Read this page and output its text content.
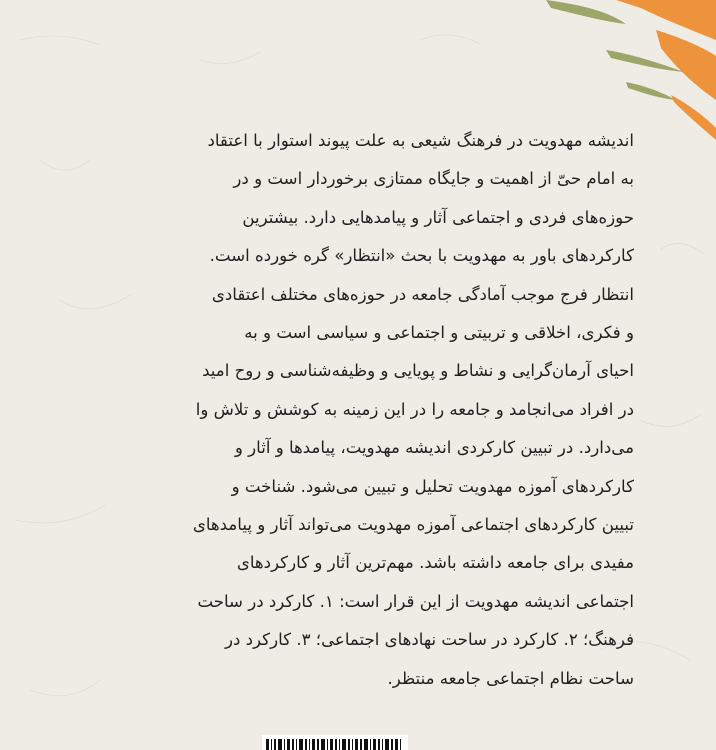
اندیشه مهدویت در فرهنگ شیعی به علت پیوند استوار با اعتقاد
به امام حیّ از اهمیت و جایگاه ممتازی برخوردار است و در
حوزه‌های فردی و اجتماعی آثار و پیامدهایی دارد. بیشترین
کارکردهای باور به مهدویت با بحث «انتظار» گره خورده است.
انتظار فرج موجب آمادگی جامعه در حوزه‌های مختلف اعتقادی
و فکری، اخلاقی و تربیتی و اجتماعی و سیاسی است و به
احیای آرمان‌گرایی و نشاط و پویایی و وظیفه‌شناسی و روح امید
در افراد می‌انجامد و جامعه را در این زمینه به کوشش و تلاش وا
می‌دارد. در تبیین کارکردی اندیشه مهدویت، پیامدها و آثار و
کارکردهای آموزه مهدویت تحلیل و تبیین می‌شود. شناخت و
تبیین کارکردهای اجتماعی آموزه مهدویت می‌تواند آثار و پیامدهای
مفیدی برای جامعه داشته باشد. مهم‌ترین آثار و کارکردهای
اجتماعی اندیشه مهدویت از این قرار است: ۱. کارکرد در ساحت
فرهنگ؛ ۲. کارکرد در ساحت نهادهای اجتماعی؛ ۳. کارکرد در
ساحت نظام اجتماعی جامعه منتظر.
